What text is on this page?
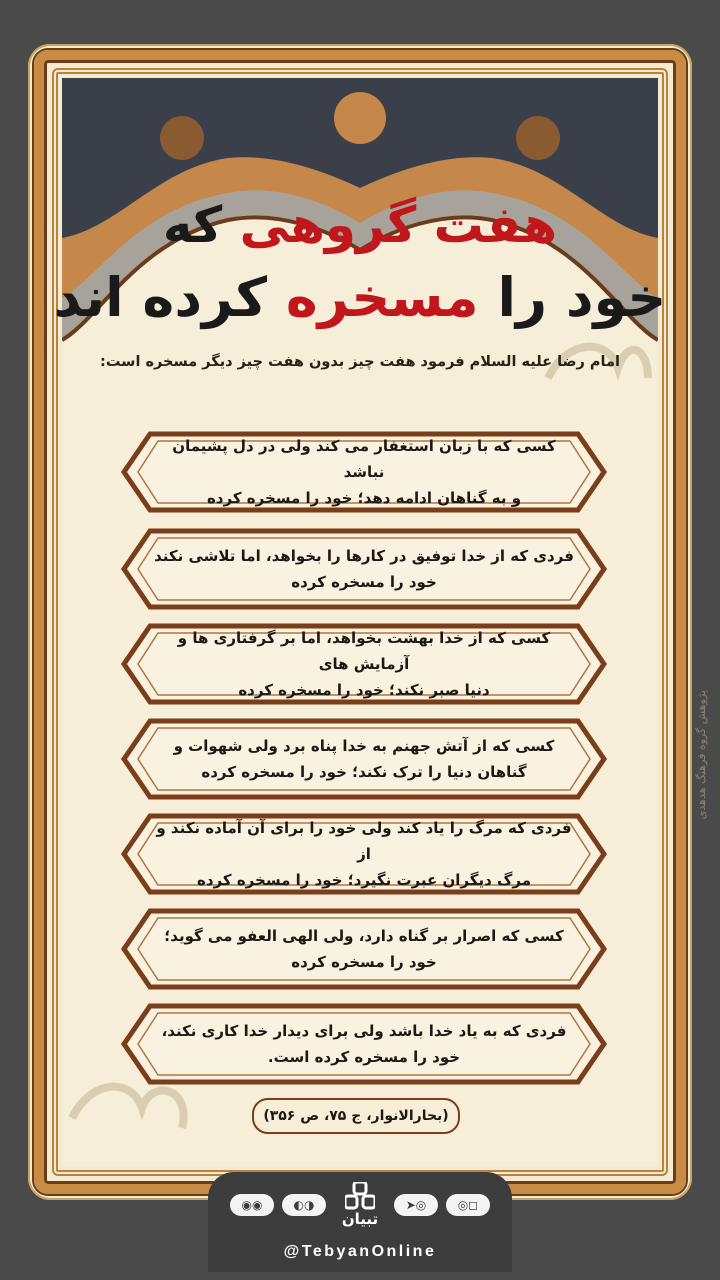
پژوهش گروه فرهنگ هدهدی
هفت گروهی که
خود را مسخره کرده اند
امام رضا علیه السلام فرمود هفت چیز بدون هفت چیز دیگر مسخره است:
کسی که با زبان استغفار می کند ولی در دل پشیمان نباشد
و به گناهان ادامه دهد؛ خود را مسخره کرده
فردی که از خدا توفیق در کارها را بخواهد، اما تلاشی نکند
خود را مسخره کرده
کسی که از خدا بهشت بخواهد، اما بر گرفتاری ها و آزمایش های
دنیا صبر نکند؛ خود را مسخره کرده
کسی که از آتش جهنم به خدا پناه برد ولی شهوات و
گناهان دنیا را ترک نکند؛ خود را مسخره کرده
فردی که مرگ را یاد کند ولی خود را برای آن آماده نکند و از
مرگ دیگران عبرت نگیرد؛ خود را مسخره کرده
کسی که اصرار بر گناه دارد، ولی الهی العفو می گوید؛
خود را مسخره کرده
فردی که به یاد خدا باشد ولی برای دیدار خدا کاری نکند،
خود را مسخره کرده است.
(بحارالانوار، ج ۷۵، ص ۳۵۶)
◉◉	◐◑	➤◎	◎◻
تبیان
@TebyanOnline
